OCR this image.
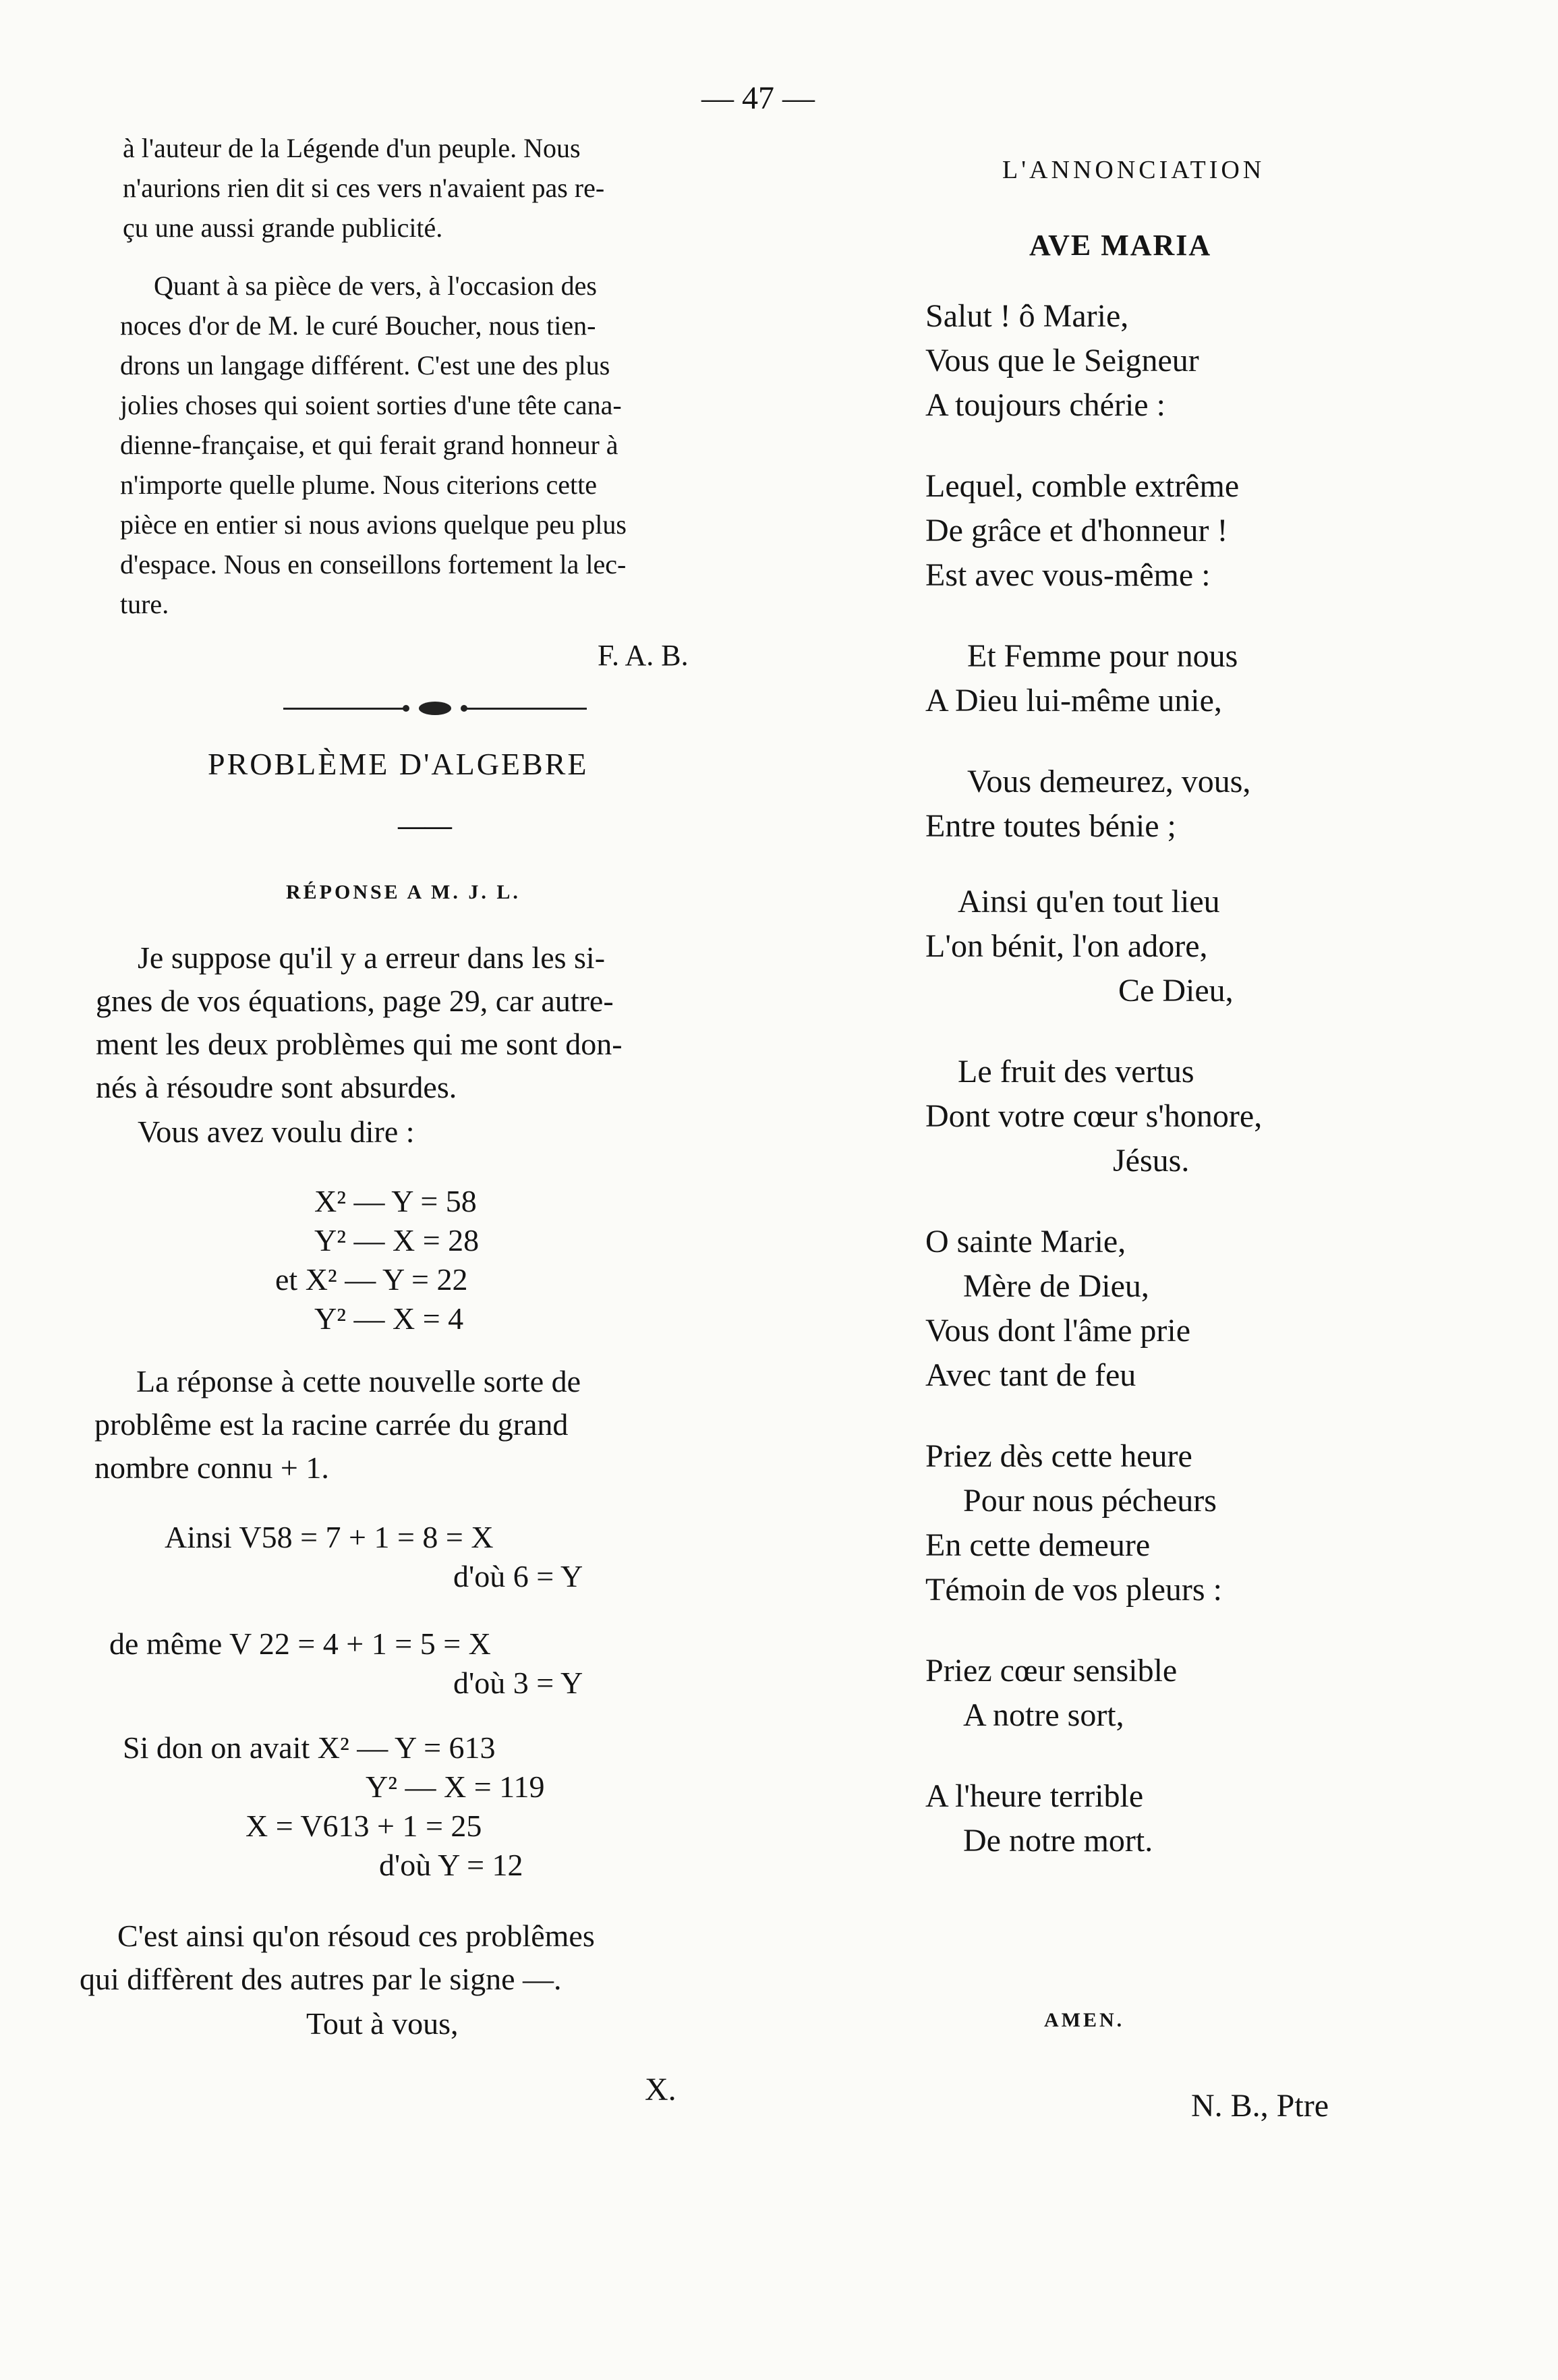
— 47 —
à l'auteur de la Légende d'un peuple. Nous
n'aurions rien dit si ces vers n'avaient pas re-
çu une aussi grande publicité.
Quant à sa pièce de vers, à l'occasion des
noces d'or de M. le curé Boucher, nous tien-
drons un langage différent. C'est une des plus
jolies choses qui soient sorties d'une tête cana-
dienne-française, et qui ferait grand honneur à
n'importe quelle plume. Nous citerions cette
pièce en entier si nous avions quelque peu plus
d'espace. Nous en conseillons fortement la lec-
ture.
F. A. B.
PROBLÈME D'ALGEBRE
——
RÉPONSE A M. J. L.
Je suppose qu'il y a erreur dans les si-
gnes de vos équations, page 29, car autre-
ment les deux problèmes qui me sont don-
nés à résoudre sont absurdes.
Vous avez voulu dire :
X² — Y = 58
Y² — X = 28
et X² — Y = 22
Y² — X = 4
La réponse à cette nouvelle sorte de
problême est la racine carrée du grand
nombre connu + 1.
Ainsi V58 = 7 + 1 = 8 = X
d'où 6 = Y
de même V 22 = 4 + 1 = 5 = X
d'où 3 = Y
Si don on avait X² — Y = 613
Y² — X = 119
X = V613 + 1 = 25
d'où Y = 12
C'est ainsi qu'on résoud ces problêmes
qui diffèrent des autres par le signe —.
Tout à vous,
X.
L'ANNONCIATION
AVE MARIA
Salut ! ô Marie,
Vous que le Seigneur
A toujours chérie :
Lequel, comble extrême
De grâce et d'honneur !
Est avec vous-même :
Et Femme pour nous
A Dieu lui-même unie,
Vous demeurez, vous,
Entre toutes bénie ;
Ainsi qu'en tout lieu
L'on bénit, l'on adore,
Ce Dieu,
Le fruit des vertus
Dont votre cœur s'honore,
Jésus.
O sainte Marie,
Mère de Dieu,
Vous dont l'âme prie
Avec tant de feu
Priez dès cette heure
Pour nous pécheurs
En cette demeure
Témoin de vos pleurs :
Priez cœur sensible
A notre sort,
A l'heure terrible
De notre mort.
AMEN.
N. B., Ptre
